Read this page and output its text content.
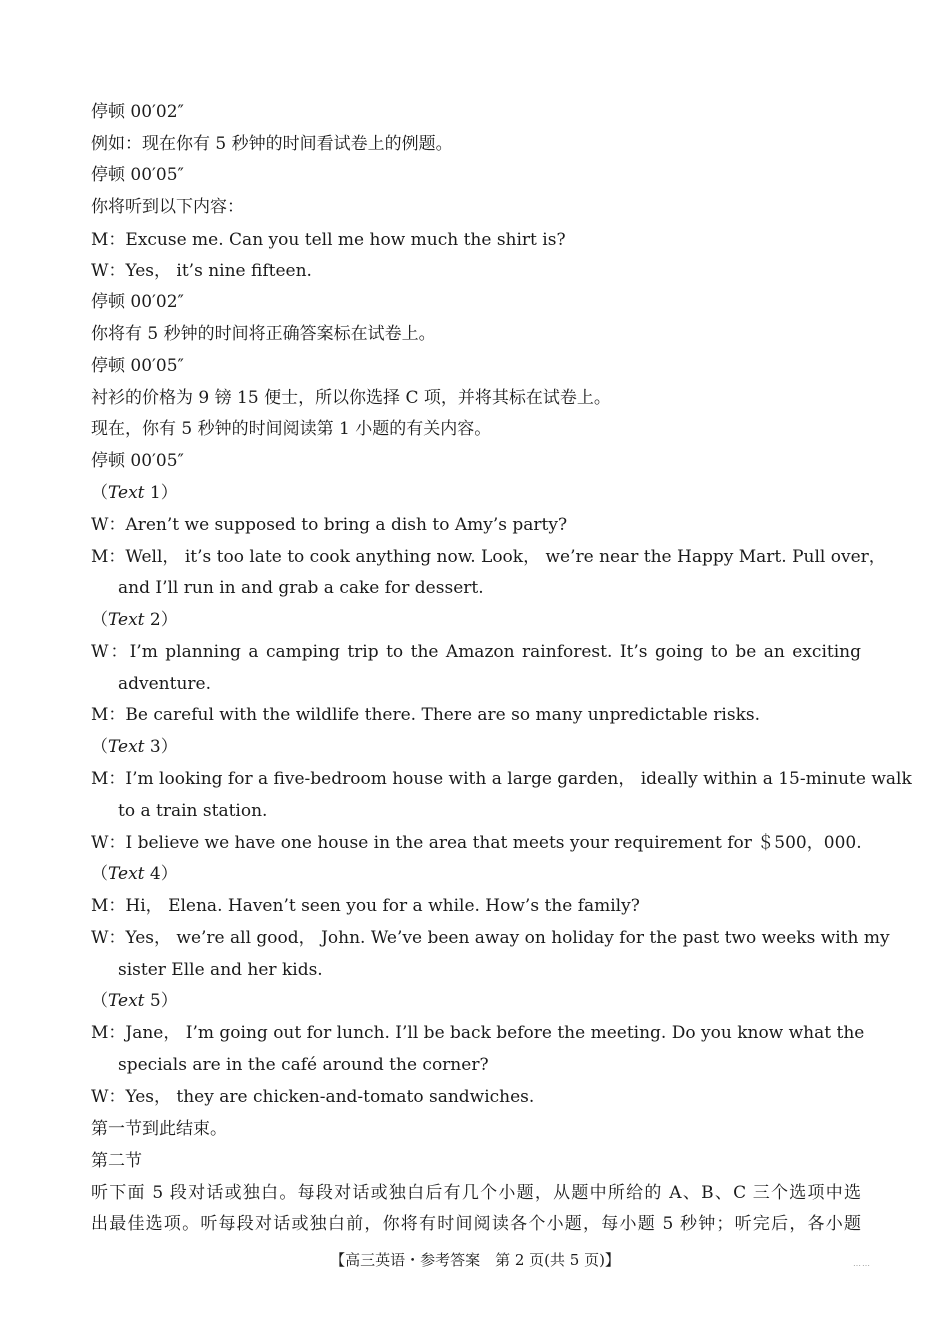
停顿 00′02″
例如：现在你有 5 秒钟的时间看试卷上的例题。
停顿 00′05″
你将听到以下内容：
M：Excuse me. Can you tell me how much the shirt is?
W：Yes， it’s nine fifteen.
停顿 00′02″
你将有 5 秒钟的时间将正确答案标在试卷上。
停顿 00′05″
衬衫的价格为 9 镑 15 便士，所以你选择 C 项，并将其标在试卷上。
现在，你有 5 秒钟的时间阅读第 1 小题的有关内容。
停顿 00′05″
（Text 1）
W：Aren’t we supposed to bring a dish to Amy’s party?
M：Well， it’s too late to cook anything now. Look， we’re near the Happy Mart. Pull over，
and I’ll run in and grab a cake for dessert.
（Text 2）
W：I’m planning a camping trip to the Amazon rainforest. It’s going to be an exciting
adventure.
M：Be careful with the wildlife there. There are so many unpredictable risks.
（Text 3）
M：I’m looking for a five-bedroom house with a large garden， ideally within a 15-minute walk
to a train station.
W：I believe we have one house in the area that meets your requirement for ＄500，000.
（Text 4）
M：Hi， Elena. Haven’t seen you for a while. How’s the family?
W：Yes， we’re all good， John. We’ve been away on holiday for the past two weeks with my
sister Elle and her kids.
（Text 5）
M：Jane， I’m going out for lunch. I’ll be back before the meeting. Do you know what the
specials are in the café around the corner?
W：Yes， they are chicken-and-tomato sandwiches.
第一节到此结束。
第二节
听下面 5 段对话或独白。每段对话或独白后有几个小题，从题中所给的 A、B、C 三个选项中选
出最佳选项。听每段对话或独白前，你将有时间阅读各个小题，每小题 5 秒钟；听完后，各小题
【高三英语・参考答案　第 2 页(共 5 页)】	……
